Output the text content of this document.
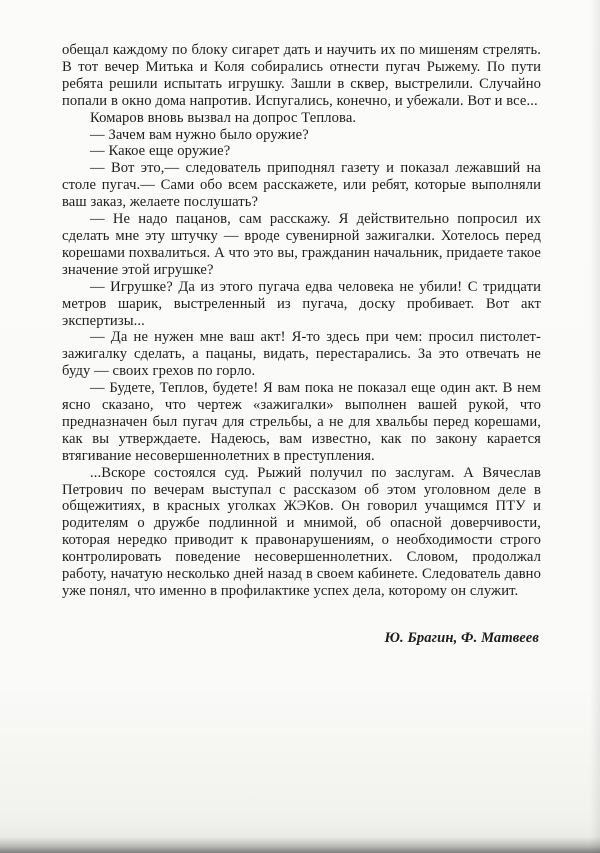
обещал каждому по блоку сигарет дать и научить их по мишеням стрелять. В тот вечер Митька и Коля собирались отнести пугач Рыжему. По пути ребята решили испытать игрушку. Зашли в сквер, выстрелили. Случайно попали в окно дома напротив. Испугались, конечно, и убежали. Вот и все...

Комаров вновь вызвал на допрос Теплова.

— Зачем вам нужно было оружие?

— Какое еще оружие?

— Вот это,— следователь приподнял газету и показал лежавший на столе пугач.— Сами обо всем расскажете, или ребят, которые выполняли ваш заказ, желаете послушать?

— Не надо пацанов, сам расскажу. Я действительно попросил их сделать мне эту штучку — вроде сувенирной зажигалки. Хотелось перед корешами похвалиться. А что это вы, гражданин начальник, придаете такое значение этой игрушке?

— Игрушке? Да из этого пугача едва человека не убили! С тридцати метров шарик, выстреленный из пугача, доску пробивает. Вот акт экспертизы...

— Да не нужен мне ваш акт! Я-то здесь при чем: просил пистолет-зажигалку сделать, а пацаны, видать, перестарались. За это отвечать не буду — своих грехов по горло.

— Будете, Теплов, будете! Я вам пока не показал еще один акт. В нем ясно сказано, что чертеж «зажигалки» выполнен вашей рукой, что предназначен был пугач для стрельбы, а не для хвальбы перед корешами, как вы утверждаете. Надеюсь, вам известно, как по закону карается втягивание несовершеннолетних в преступления.

...Вскоре состоялся суд. Рыжий получил по заслугам. А Вячеслав Петрович по вечерам выступал с рассказом об этом уголовном деле в общежитиях, в красных уголках ЖЭКов. Он говорил учащимся ПТУ и родителям о дружбе подлинной и мнимой, об опасной доверчивости, которая нередко приводит к правонарушениям, о необходимости строго контролировать поведение несовершеннолетних. Словом, продолжал работу, начатую несколько дней назад в своем кабинете. Следователь давно уже понял, что именно в профилактике успех дела, которому он служит.

Ю. Брагин, Ф. Матвеев
